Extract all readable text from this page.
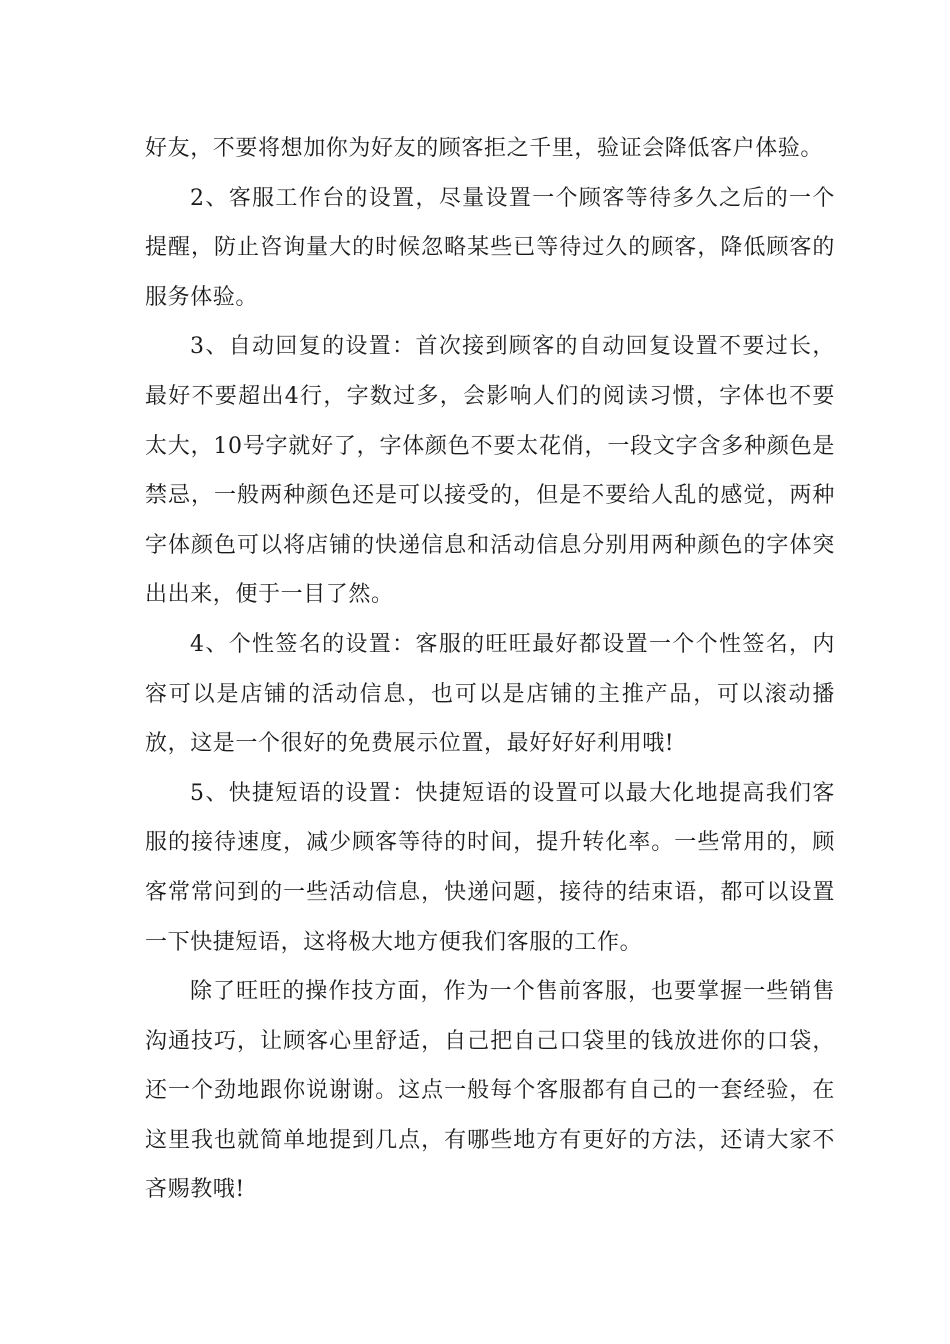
好友，不要将想加你为好友的顾客拒之千里，验证会降低客户体验。

2、客服工作台的设置，尽量设置一个顾客等待多久之后的一个提醒，防止咨询量大的时候忽略某些已等待过久的顾客，降低顾客的服务体验。

3、自动回复的设置：首次接到顾客的自动回复设置不要过长，最好不要超出4行，字数过多，会影响人们的阅读习惯，字体也不要太大，10号字就好了，字体颜色不要太花俏，一段文字含多种颜色是禁忌，一般两种颜色还是可以接受的，但是不要给人乱的感觉，两种字体颜色可以将店铺的快递信息和活动信息分别用两种颜色的字体突出出来，便于一目了然。

4、个性签名的设置：客服的旺旺最好都设置一个个性签名，内容可以是店铺的活动信息，也可以是店铺的主推产品，可以滚动播放，这是一个很好的免费展示位置，最好好好利用哦!

5、快捷短语的设置：快捷短语的设置可以最大化地提高我们客服的接待速度，减少顾客等待的时间，提升转化率。一些常用的，顾客常常问到的一些活动信息，快递问题，接待的结束语，都可以设置一下快捷短语，这将极大地方便我们客服的工作。

除了旺旺的操作技方面，作为一个售前客服，也要掌握一些销售沟通技巧，让顾客心里舒适，自己把自己口袋里的钱放进你的口袋，还一个劲地跟你说谢谢。这点一般每个客服都有自己的一套经验，在这里我也就简单地提到几点，有哪些地方有更好的方法，还请大家不吝赐教哦!
